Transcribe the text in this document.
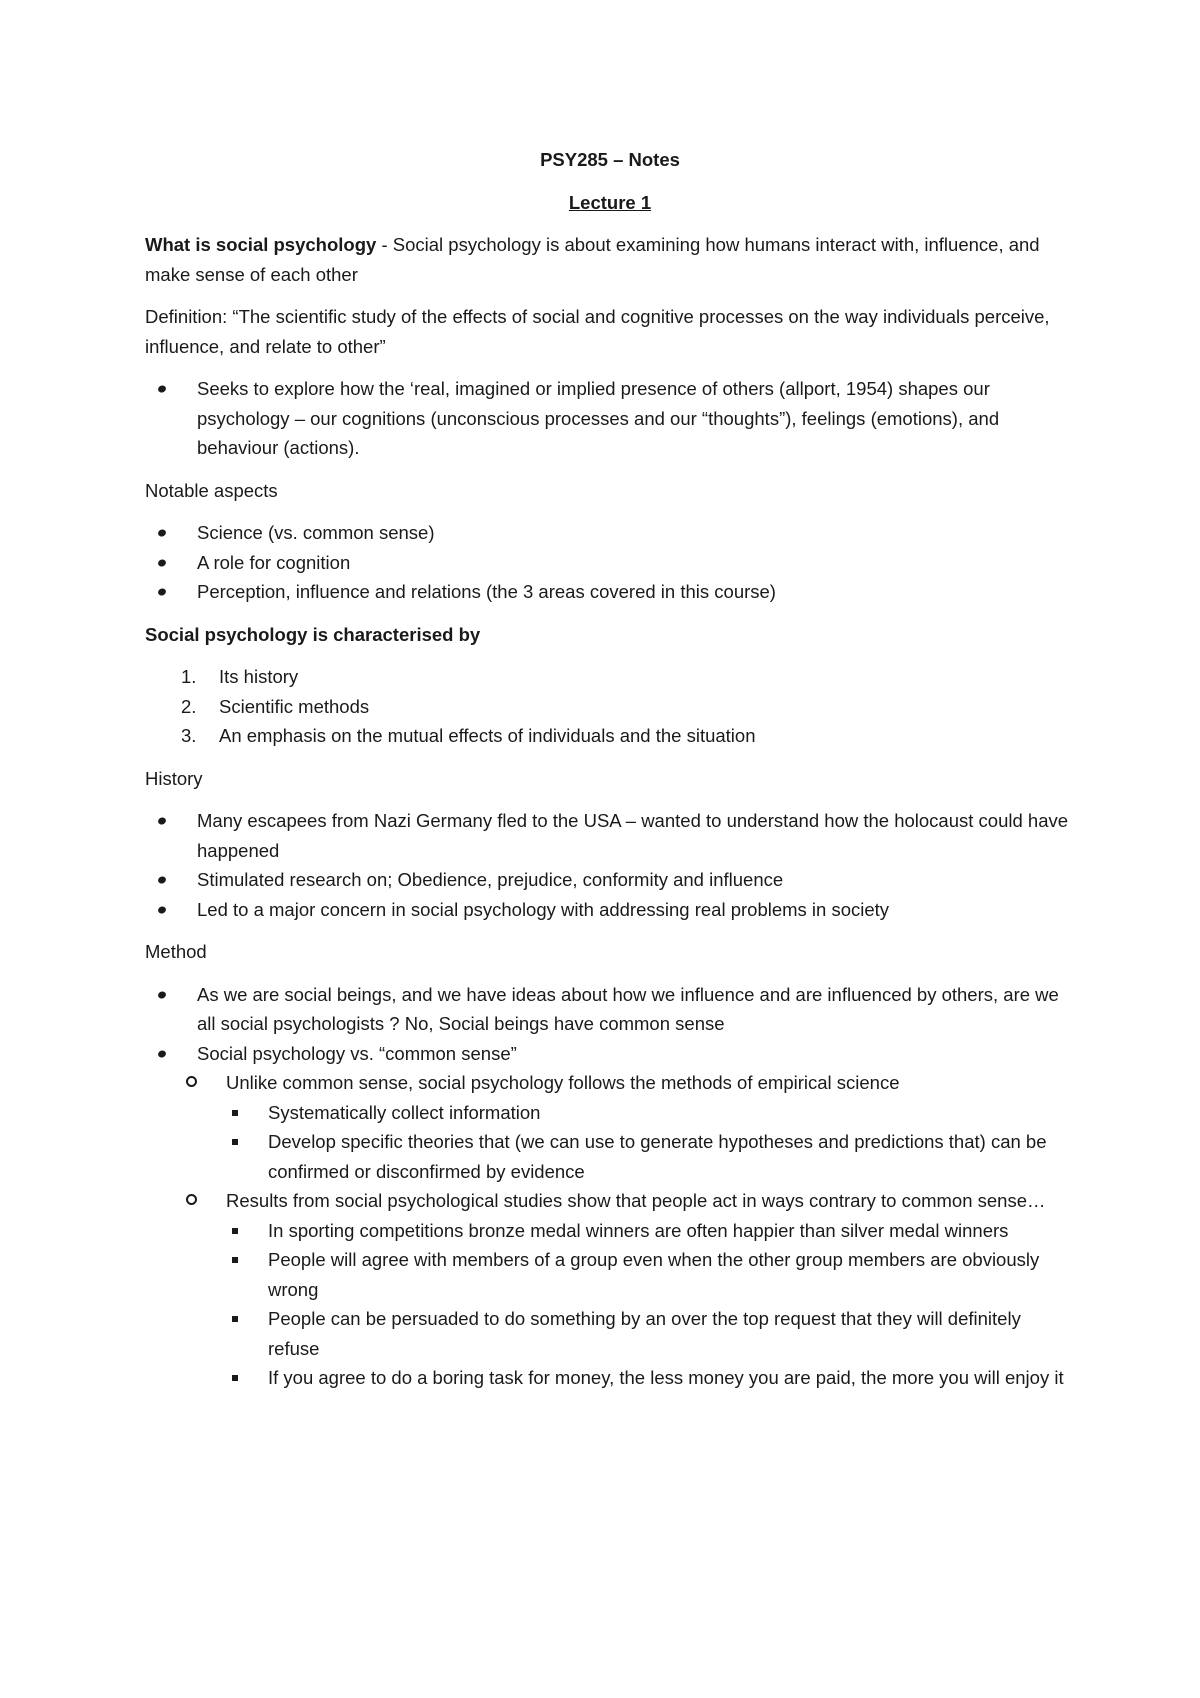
PSY285 – Notes

Lecture 1

What is social psychology - Social psychology is about examining how humans interact with, influence, and make sense of each other

Definition: “The scientific study of the effects of social and cognitive processes on the way individuals perceive, influence, and relate to other”

Seeks to explore how the ‘real, imagined or implied presence of others (allport, 1954) shapes our psychology – our cognitions (unconscious processes and our “thoughts”), feelings (emotions), and behaviour (actions).

Notable aspects

Science (vs. common sense)
A role for cognition
Perception, influence and relations (the 3 areas covered in this course)

Social psychology is characterised by

1. Its history
2. Scientific methods
3. An emphasis on the mutual effects of individuals and the situation

History

Many escapees from Nazi Germany fled to the USA – wanted to understand how the holocaust could have happened
Stimulated research on; Obedience, prejudice, conformity and influence
Led to a major concern in social psychology with addressing real problems in society

Method

As we are social beings, and we have ideas about how we influence and are influenced by others, are we all social psychologists ? No, Social beings have common sense
Social psychology vs. “common sense”
Unlike common sense, social psychology follows the methods of empirical science
Systematically collect information
Develop specific theories that (we can use to generate hypotheses and predictions that) can be confirmed or disconfirmed by evidence
Results from social psychological studies show that people act in ways contrary to common sense…
In sporting competitions bronze medal winners are often happier than silver medal winners
People will agree with members of a group even when the other group members are obviously wrong
People can be persuaded to do something by an over the top request that they will definitely refuse
If you agree to do a boring task for money, the less money you are paid, the more you will enjoy it
